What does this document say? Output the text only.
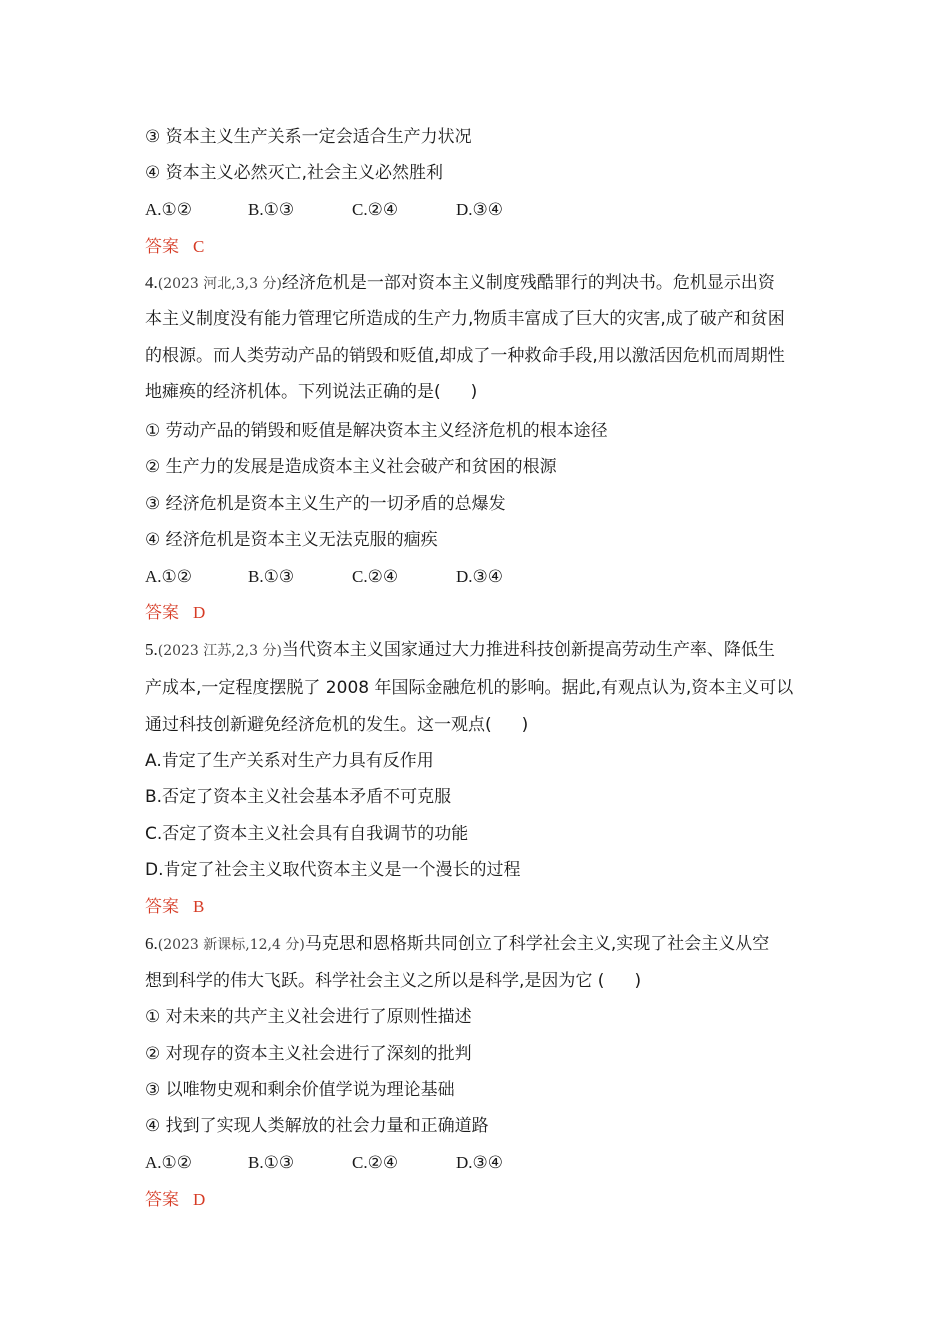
③ 资本主义生产关系一定会适合生产力状况
④ 资本主义必然灭亡,社会主义必然胜利
A.①②	B.①③	C.②④	D.③④
答案 C
4.(2023 河北,3,3 分)经济危机是一部对资本主义制度残酷罪行的判决书。危机显示出资
本主义制度没有能力管理它所造成的生产力,物质丰富成了巨大的灾害,成了破产和贫困
的根源。而人类劳动产品的销毁和贬值,却成了一种救命手段,用以激活因危机而周期性
地瘫痪的经济机体。下列说法正确的是( )
① 劳动产品的销毁和贬值是解决资本主义经济危机的根本途径
② 生产力的发展是造成资本主义社会破产和贫困的根源
③ 经济危机是资本主义生产的一切矛盾的总爆发
④ 经济危机是资本主义无法克服的痼疾
A.①②	B.①③	C.②④	D.③④
答案 D
5.(2023 江苏,2,3 分)当代资本主义国家通过大力推进科技创新提高劳动生产率、降低生
产成本,一定程度摆脱了 2008 年国际金融危机的影响。据此,有观点认为,资本主义可以
通过科技创新避免经济危机的发生。这一观点( )
A.肯定了生产关系对生产力具有反作用
B.否定了资本主义社会基本矛盾不可克服
C.否定了资本主义社会具有自我调节的功能
D.肯定了社会主义取代资本主义是一个漫长的过程
答案 B
6.(2023 新课标,12,4 分)马克思和恩格斯共同创立了科学社会主义,实现了社会主义从空
想到科学的伟大飞跃。科学社会主义之所以是科学,是因为它 ( )
① 对未来的共产主义社会进行了原则性描述
② 对现存的资本主义社会进行了深刻的批判
③ 以唯物史观和剩余价值学说为理论基础
④ 找到了实现人类解放的社会力量和正确道路
A.①②	B.①③	C.②④	D.③④
答案 D
